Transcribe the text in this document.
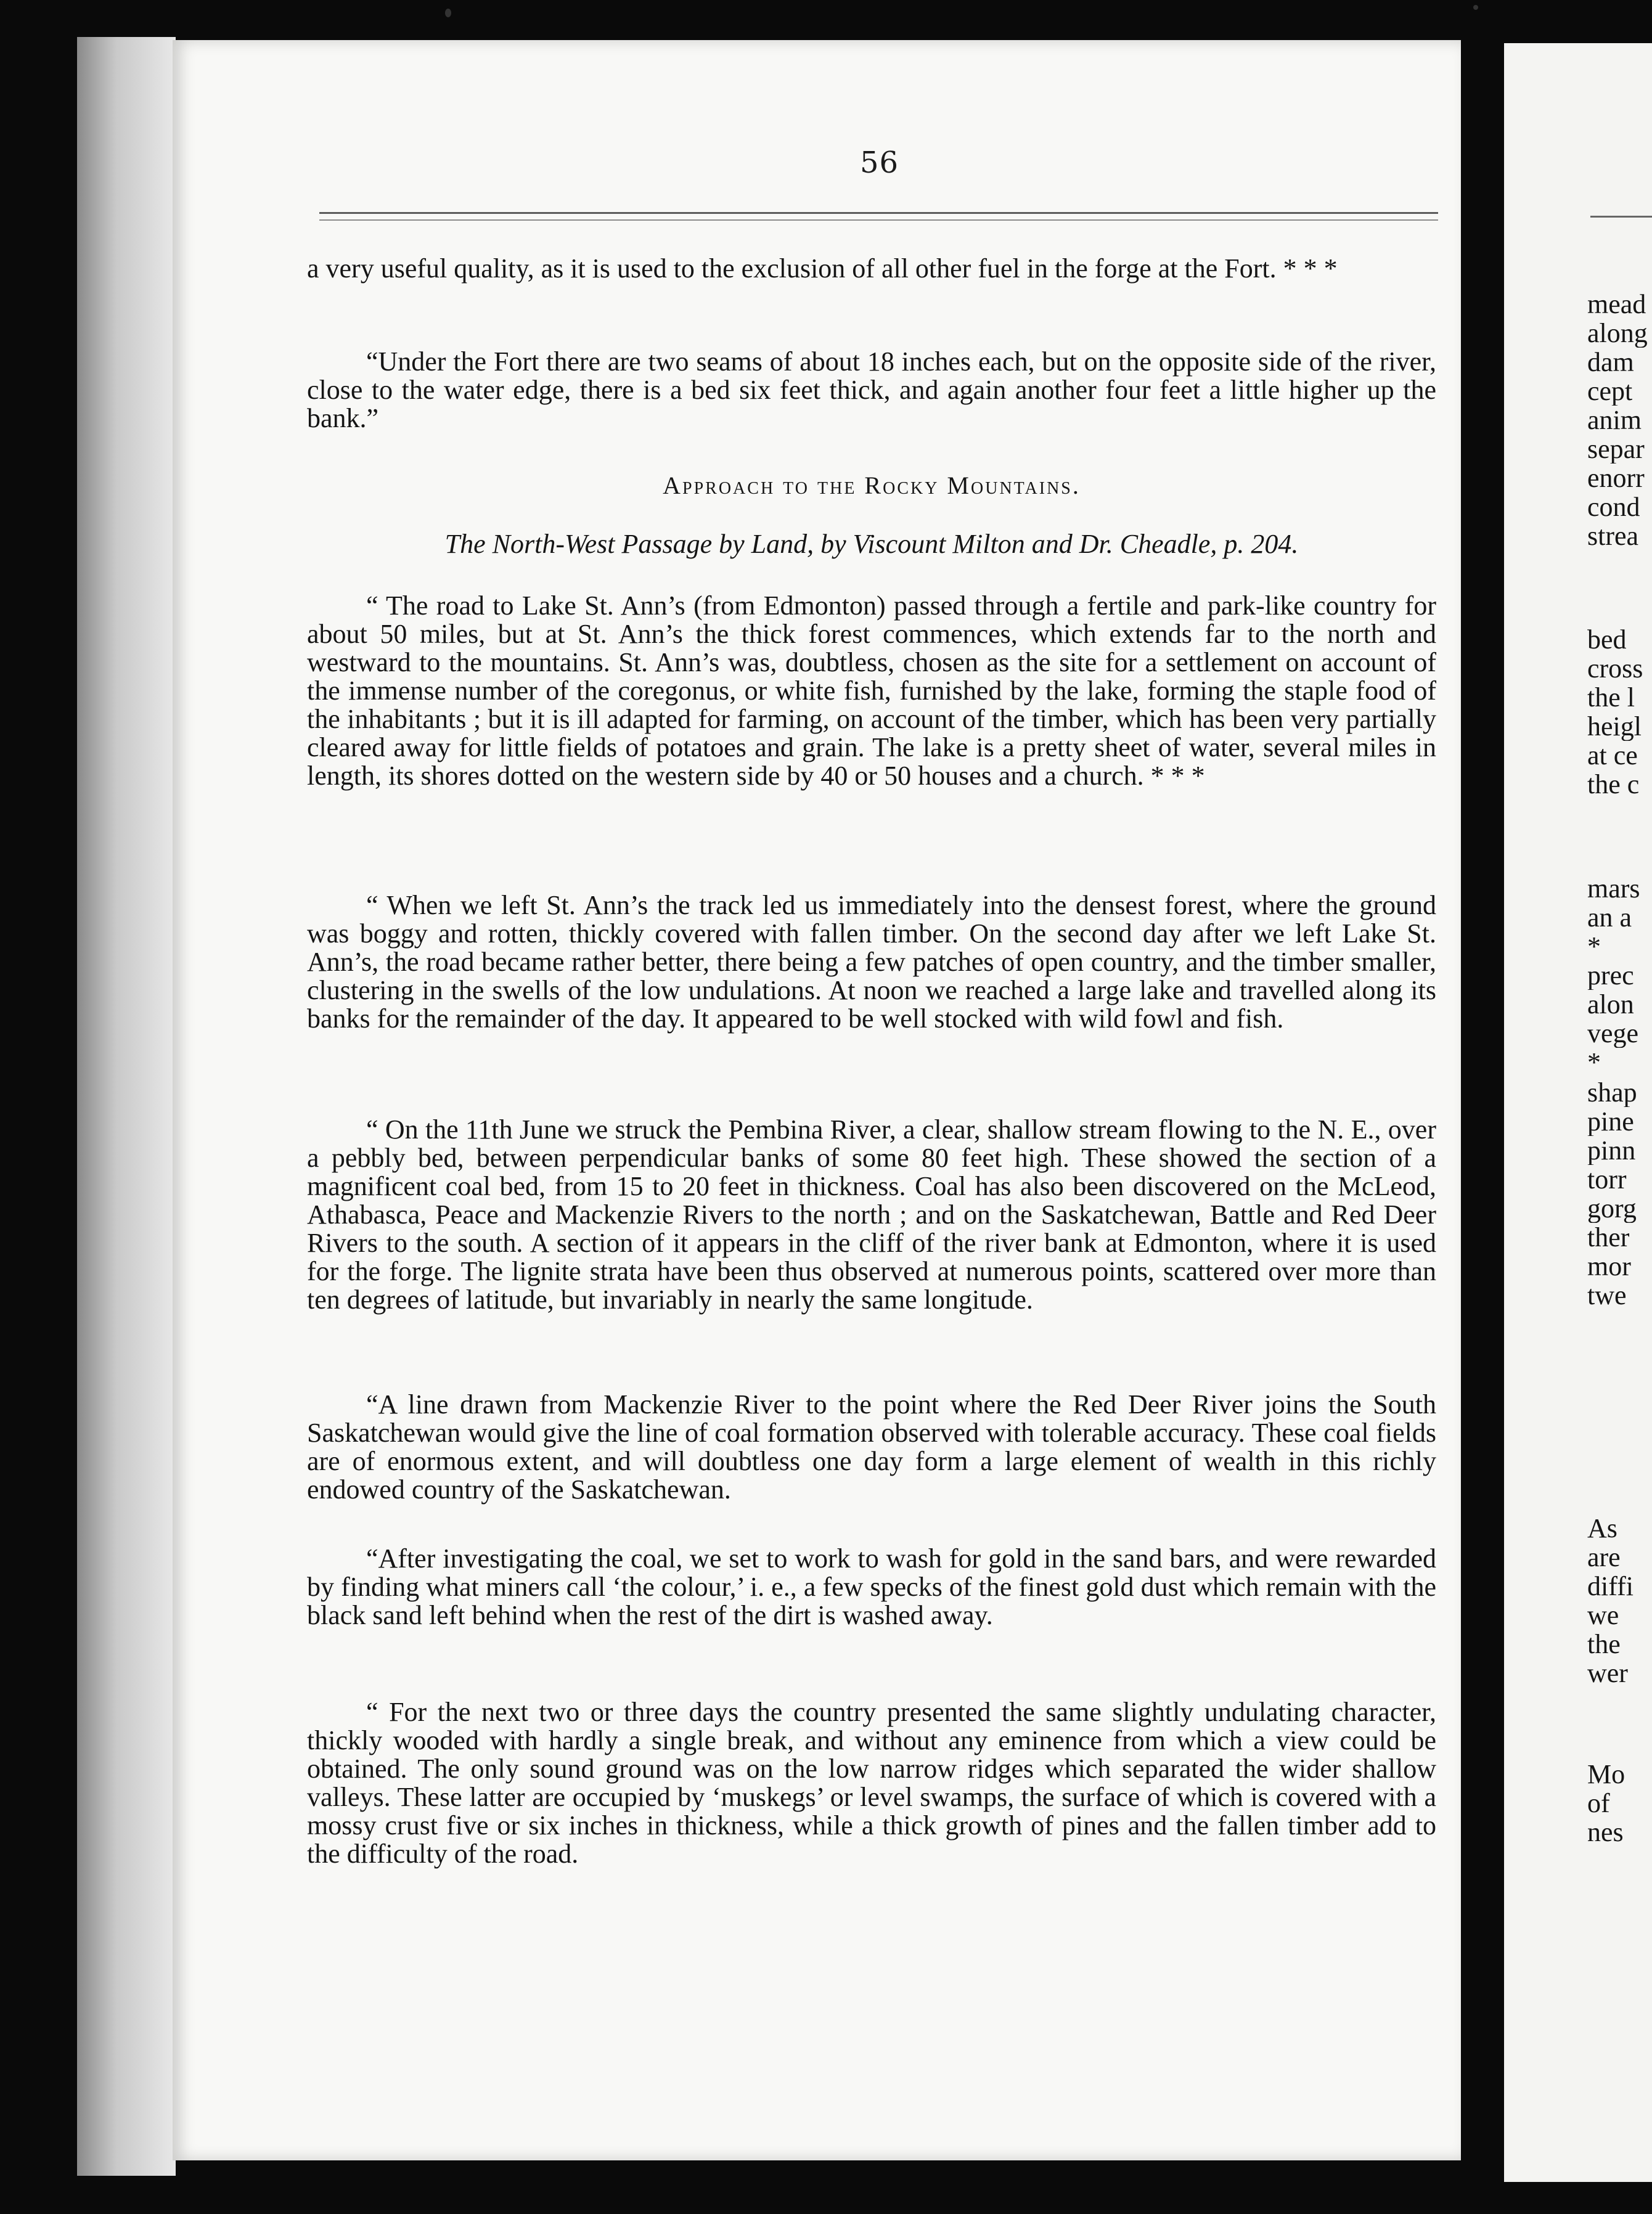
56

a very useful quality, as it is used to the exclusion of all other fuel in the forge at the Fort. * * *

“Under the Fort there are two seams of about 18 inches each, but on the opposite side of the river, close to the water edge, there is a bed six feet thick, and again another four feet a little higher up the bank.”

Approach to the Rocky Mountains.
The North-West Passage by Land, by Viscount Milton and Dr. Cheadle, p. 204.

“ The road to Lake St. Ann’s (from Edmonton) passed through a fertile and park-like country for about 50 miles, but at St. Ann’s the thick forest commences, which extends far to the north and westward to the mountains. St. Ann’s was, doubtless, chosen as the site for a settlement on account of the immense number of the coregonus, or white fish, furnished by the lake, forming the staple food of the inhabitants ; but it is ill adapted for farming, on account of the timber, which has been very partially cleared away for little fields of potatoes and grain. The lake is a pretty sheet of water, several miles in length, its shores dotted on the western side by 40 or 50 houses and a church. * * *

“ When we left St. Ann’s the track led us immediately into the densest forest, where the ground was boggy and rotten, thickly covered with fallen timber. On the second day after we left Lake St. Ann’s, the road became rather better, there being a few patches of open country, and the timber smaller, clustering in the swells of the low undulations. At noon we reached a large lake and travelled along its banks for the remainder of the day. It appeared to be well stocked with wild fowl and fish.

“ On the 11th June we struck the Pembina River, a clear, shallow stream flowing to the N. E., over a pebbly bed, between perpendicular banks of some 80 feet high. These showed the section of a magnificent coal bed, from 15 to 20 feet in thickness. Coal has also been discovered on the McLeod, Athabasca, Peace and Mackenzie Rivers to the north ; and on the Saskatchewan, Battle and Red Deer Rivers to the south. A section of it appears in the cliff of the river bank at Edmonton, where it is used for the forge. The lignite strata have been thus observed at numerous points, scattered over more than ten degrees of latitude, but invariably in nearly the same longitude.

“A line drawn from Mackenzie River to the point where the Red Deer River joins the South Saskatchewan would give the line of coal formation observed with tolerable accuracy. These coal fields are of enormous extent, and will doubtless one day form a large element of wealth in this richly endowed country of the Saskatchewan.

“After investigating the coal, we set to work to wash for gold in the sand bars, and were rewarded by finding what miners call ‘the colour,’ i. e., a few specks of the finest gold dust which remain with the black sand left behind when the rest of the dirt is washed away.

“ For the next two or three days the country presented the same slightly undulating character, thickly wooded with hardly a single break, and without any eminence from which a view could be obtained. The only sound ground was on the low narrow ridges which separated the wider shallow valleys. These latter are occupied by ‘muskegs’ or level swamps, the surface of which is covered with a mossy crust five or six inches in thickness, while a thick growth of pines and the fallen timber add to the difficulty of the road.

mead
along
dam
cept
anim
separ
enorr
cond
strea
bed
cross
the l
heigl
at ce
the c
mars
an a
*
prec
alon
vege
*
shap
pine
pinn
torr
gorg
ther
mor
twe
As
are
diffi
we
the
wer
Mo
of
nes
